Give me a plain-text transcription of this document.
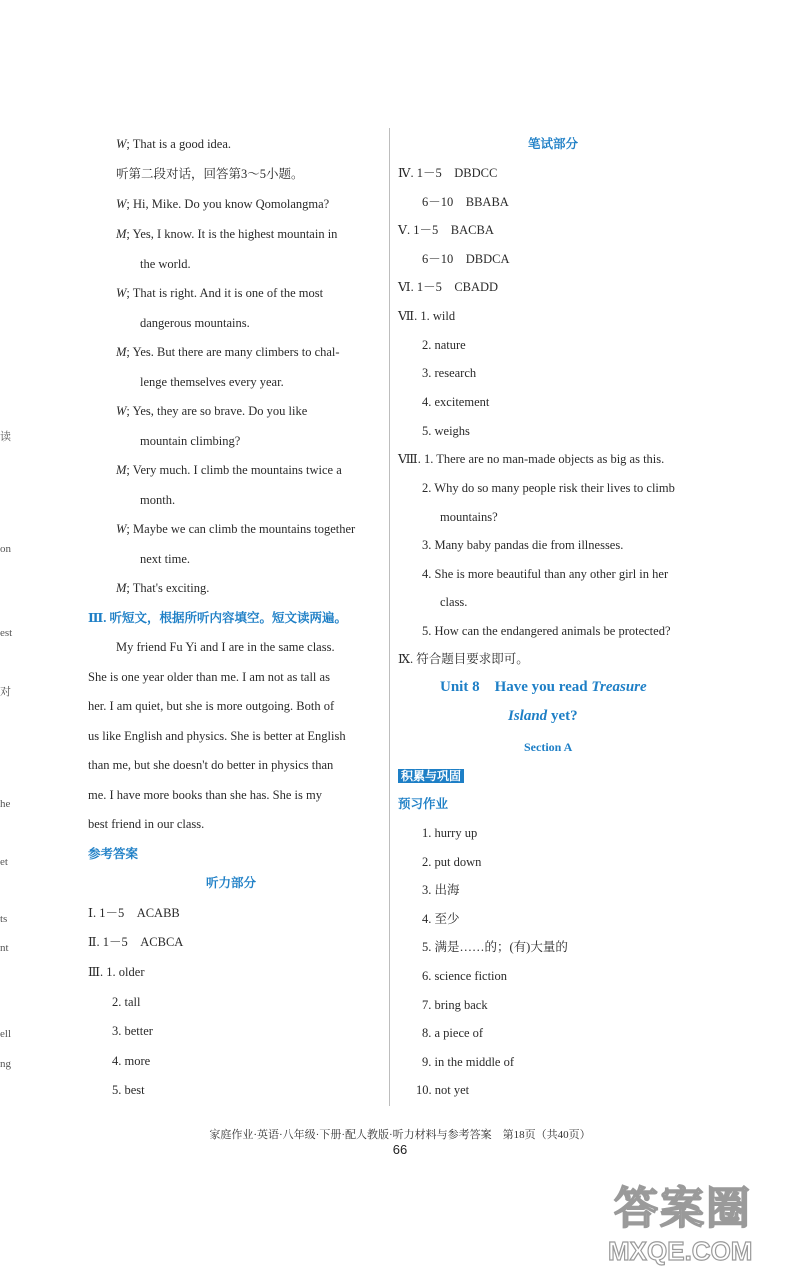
读
on
est
对
he
et
ts
nt
ell
ng
W; That is a good idea.
听第二段对话，回答第3～5小题。
W; Hi, Mike. Do you know Qomolangma?
M; Yes, I know. It is the highest mountain in
the world.
W; That is right. And it is one of the most
dangerous mountains.
M; Yes. But there are many climbers to chal-
lenge themselves every year.
W; Yes, they are so brave. Do you like
mountain climbing?
M; Very much. I climb the mountains twice a
month.
W; Maybe we can climb the mountains together
next time.
M; That's exciting.
Ⅲ. 听短文，根据所听内容填空。短文读两遍。
My friend Fu Yi and I are in the same class.
She is one year older than me. I am not as tall as
her. I am quiet, but she is more outgoing. Both of
us like English and physics. She is better at English
than me, but she doesn't do better in physics than
me. I have more books than she has. She is my
best friend in our class.
参考答案
听力部分
Ⅰ. 1－5　ACABB
Ⅱ. 1－5　ACBCA
Ⅲ. 1. older
2. tall
3. better
4. more
5. best
笔试部分
Ⅳ. 1－5　DBDCC
6－10　BBABA
Ⅴ. 1－5　BACBA
6－10　DBDCA
Ⅵ. 1－5　CBADD
Ⅶ. 1. wild
2. nature
3. research
4. excitement
5. weighs
Ⅷ. 1. There are no man-made objects as big as this.
2. Why do so many people risk their lives to climb
mountains?
3. Many baby pandas die from illnesses.
4. She is more beautiful than any other girl in her
class.
5. How can the endangered animals be protected?
Ⅸ. 符合题目要求即可。
Unit 8　Have you read Treasure
Island yet?
Section A
积累与巩固
预习作业
1. hurry up
2. put down
3. 出海
4. 至少
5. 满是……的；(有)大量的
6. science fiction
7. bring back
8. a piece of
9. in the middle of
10. not yet
家庭作业·英语·八年级·下册·配人教版·听力材料与参考答案　第18页（共40页）
66
答案圈
MXQE.COM
